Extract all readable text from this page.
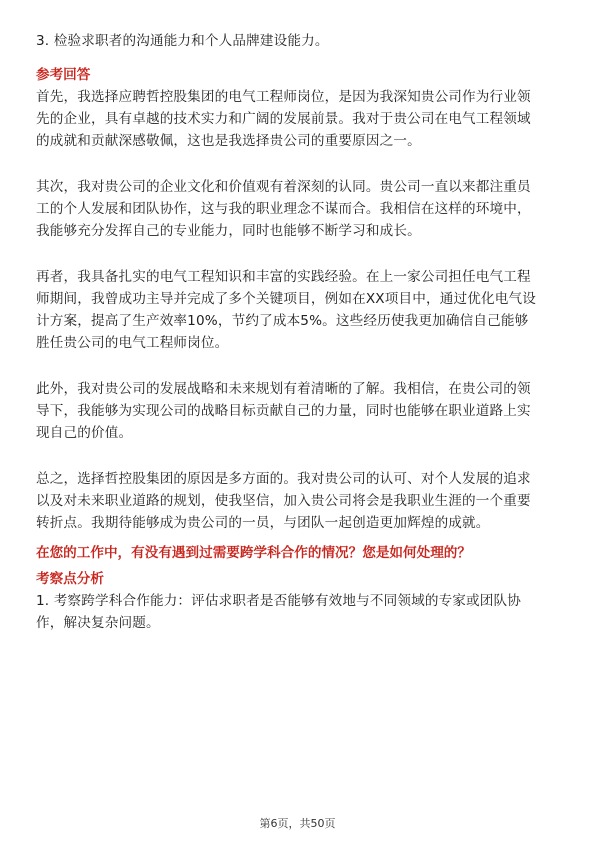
3. 检验求职者的沟通能力和个人品牌建设能力。

参考回答

首先，我选择应聘哲控股集团的电气工程师岗位，是因为我深知贵公司作为行业领

先的企业，具有卓越的技术实力和广阔的发展前景。我对于贵公司在电气工程领域

的成就和贡献深感敬佩，这也是我选择贵公司的重要原因之一。

其次，我对贵公司的企业文化和价值观有着深刻的认同。贵公司一直以来都注重员

工的个人发展和团队协作，这与我的职业理念不谋而合。我相信在这样的环境中，

我能够充分发挥自己的专业能力，同时也能够不断学习和成长。

再者，我具备扎实的电气工程知识和丰富的实践经验。在上一家公司担任电气工程

师期间，我曾成功主导并完成了多个关键项目，例如在XX项目中，通过优化电气设

计方案，提高了生产效率10%，节约了成本5%。这些经历使我更加确信自己能够

胜任贵公司的电气工程师岗位。

此外，我对贵公司的发展战略和未来规划有着清晰的了解。我相信，在贵公司的领

导下，我能够为实现公司的战略目标贡献自己的力量，同时也能够在职业道路上实

现自己的价值。

总之，选择哲控股集团的原因是多方面的。我对贵公司的认可、对个人发展的追求

以及对未来职业道路的规划，使我坚信，加入贵公司将会是我职业生涯的一个重要

转折点。我期待能够成为贵公司的一员，与团队一起创造更加辉煌的成就。

在您的工作中，有没有遇到过需要跨学科合作的情况？您是如何处理的？

考察点分析

1. 考察跨学科合作能力：评估求职者是否能够有效地与不同领域的专家或团队协

作，解决复杂问题。

第6页，共50页
